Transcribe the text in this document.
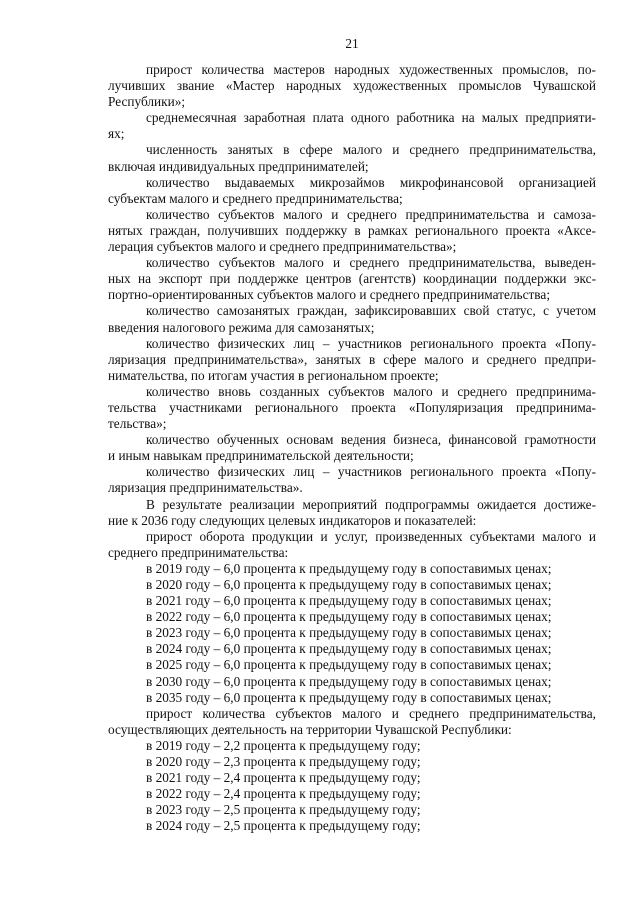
21
прирост количества мастеров народных художественных промыслов, по-
лучивших звание «Мастер народных художественных промыслов Чувашской
Республики»;
среднемесячная заработная плата одного работника на малых предприяти-
ях;
численность занятых в сфере малого и среднего предпринимательства,
включая индивидуальных предпринимателей;
количество выдаваемых микрозаймов микрофинансовой организацией
субъектам малого и среднего предпринимательства;
количество субъектов малого и среднего предпринимательства и самоза-
нятых граждан, получивших поддержку в рамках регионального проекта «Аксе-
лерация субъектов малого и среднего предпринимательства»;
количество субъектов малого и среднего предпринимательства, выведен-
ных на экспорт при поддержке центров (агентств) координации поддержки экс-
портно-ориентированных субъектов малого и среднего предпринимательства;
количество самозанятых граждан, зафиксировавших свой статус, с учетом
введения налогового режима для самозанятых;
количество физических лиц – участников регионального проекта «Попу-
ляризация предпринимательства», занятых в сфере малого и среднего предпри-
нимательства, по итогам участия в региональном проекте;
количество вновь созданных субъектов малого и среднего предпринима-
тельства участниками регионального проекта «Популяризация предпринима-
тельства»;
количество обученных основам ведения бизнеса, финансовой грамотности
и иным навыкам предпринимательской деятельности;
количество физических лиц – участников регионального проекта «Попу-
ляризация предпринимательства».
В результате реализации мероприятий подпрограммы ожидается достиже-
ние к 2036 году следующих целевых индикаторов и показателей:
прирост оборота продукции и услуг, произведенных субъектами малого и
среднего предпринимательства:
в 2019 году – 6,0 процента к предыдущему году в сопоставимых ценах;
в 2020 году – 6,0 процента к предыдущему году в сопоставимых ценах;
в 2021 году – 6,0 процента к предыдущему году в сопоставимых ценах;
в 2022 году – 6,0 процента к предыдущему году в сопоставимых ценах;
в 2023 году – 6,0 процента к предыдущему году в сопоставимых ценах;
в 2024 году – 6,0 процента к предыдущему году в сопоставимых ценах;
в 2025 году – 6,0 процента к предыдущему году в сопоставимых ценах;
в 2030 году – 6,0 процента к предыдущему году в сопоставимых ценах;
в 2035 году – 6,0 процента к предыдущему году в сопоставимых ценах;
прирост количества субъектов малого и среднего предпринимательства,
осуществляющих деятельность на территории Чувашской Республики:
в 2019 году – 2,2 процента к предыдущему году;
в 2020 году – 2,3 процента к предыдущему году;
в 2021 году – 2,4 процента к предыдущему году;
в 2022 году – 2,4 процента к предыдущему году;
в 2023 году – 2,5 процента к предыдущему году;
в 2024 году – 2,5 процента к предыдущему году;
